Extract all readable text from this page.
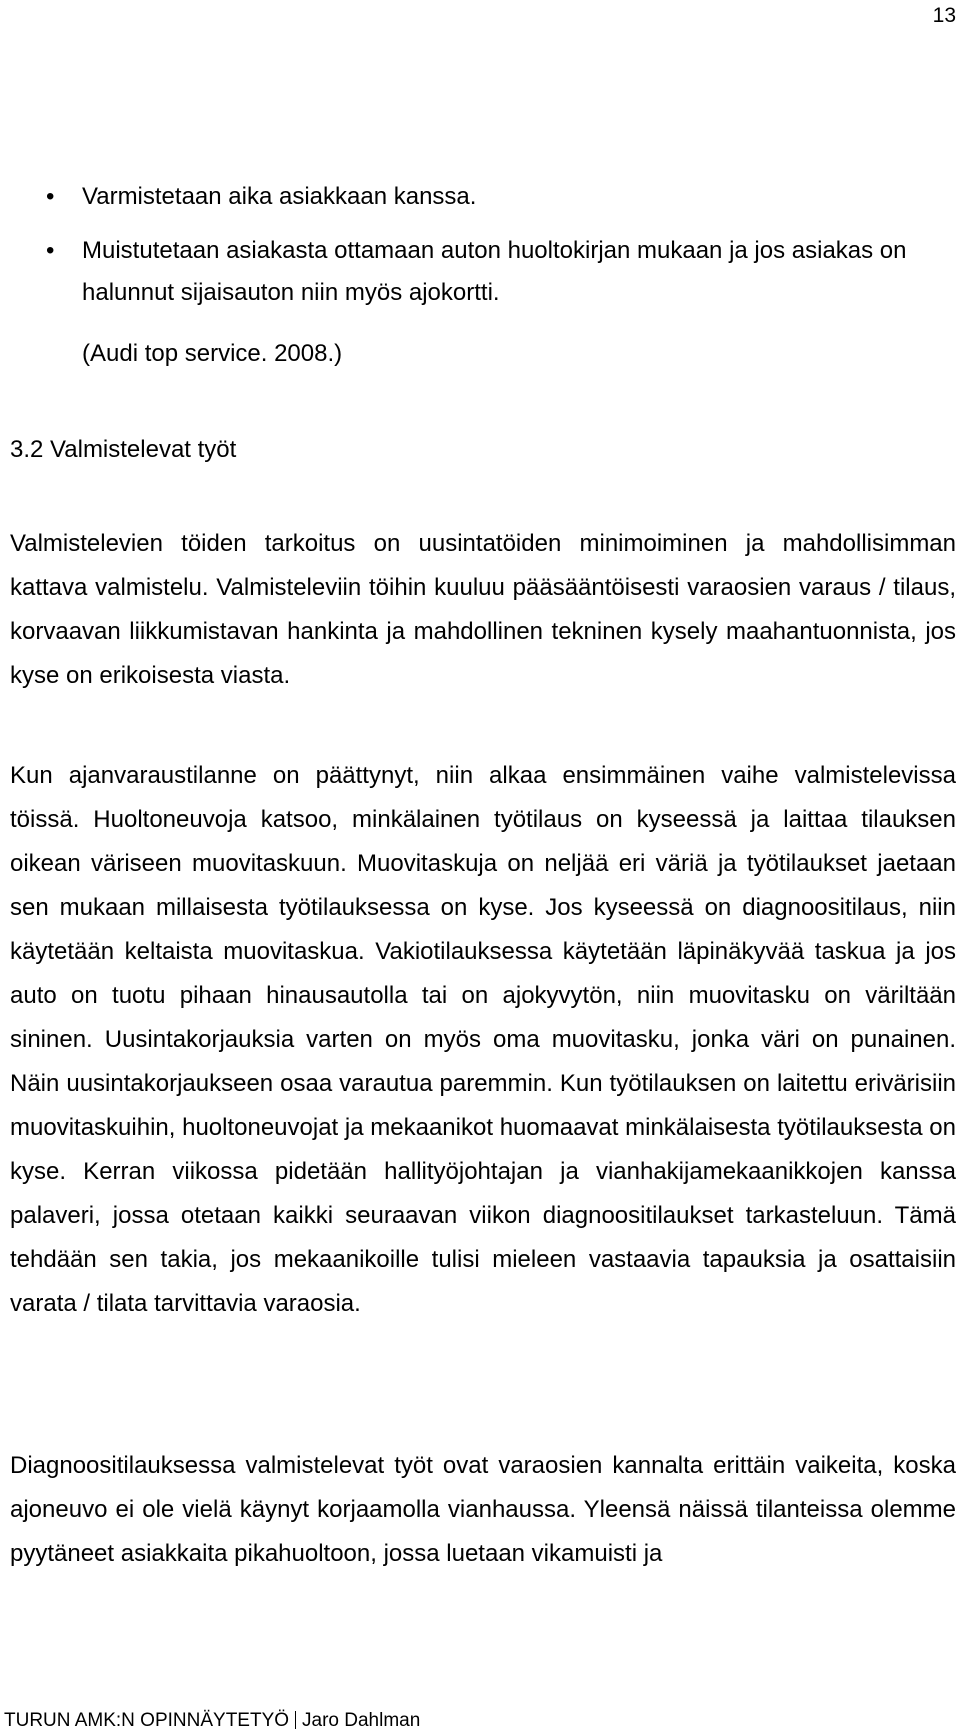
13
• Varmistetaan aika asiakkaan kanssa.
• Muistutetaan asiakasta ottamaan auton huoltokirjan mukaan ja jos asiakas on halunnut sijaisauton niin myös ajokortti.

(Audi top service. 2008.)

3.2 Valmistelevat työt

Valmistelevien töiden tarkoitus on uusintatöiden minimoiminen ja mahdollisimman kattava valmistelu. Valmisteleviin töihin kuuluu pääsääntöisesti varaosien varaus / tilaus, korvaavan liikkumistavan hankinta ja mahdollinen tekninen kysely maahantuonnista, jos kyse on erikoisesta viasta.

Kun ajanvaraustilanne on päättynyt, niin alkaa ensimmäinen vaihe valmistelevissa töissä. Huoltoneuvoja katsoo, minkälainen työtilaus on kyseessä ja laittaa tilauksen oikean väriseen muovitaskuun. Muovitaskuja on neljää eri väriä ja työtilaukset jaetaan sen mukaan millaisesta työtilauksessa on kyse. Jos kyseessä on diagnoositilaus, niin käytetään keltaista muovitaskua. Vakiotilauksessa käytetään läpinäkyvää taskua ja jos auto on tuotu pihaan hinausautolla tai on ajokyvytön, niin muovitasku on väriltään sininen. Uusintakorjauksia varten on myös oma muovitasku, jonka väri on punainen. Näin uusintakorjaukseen osaa varautua paremmin. Kun työtilauksen on laitettu erivärisiin muovitaskuihin, huoltoneuvojat ja mekaanikot huomaavat minkälaisesta työtilauksesta on kyse. Kerran viikossa pidetään hallityöjohtajan ja vianhakijamekaanikkojen kanssa palaveri, jossa otetaan kaikki seuraavan viikon diagnoositilaukset tarkasteluun. Tämä tehdään sen takia, jos mekaanikoille tulisi mieleen vastaavia tapauksia ja osattaisiin varata / tilata tarvittavia varaosia.

Diagnoositilauksessa valmistelevat työt ovat varaosien kannalta erittäin vaikeita, koska ajoneuvo ei ole vielä käynyt korjaamolla vianhaussa. Yleensä näissä tilanteissa olemme pyytäneet asiakkaita pikahuoltoon, jossa luetaan vikamuisti ja

TURUN AMK:N OPINNÄYTETYÖ Jaro Dahlman
